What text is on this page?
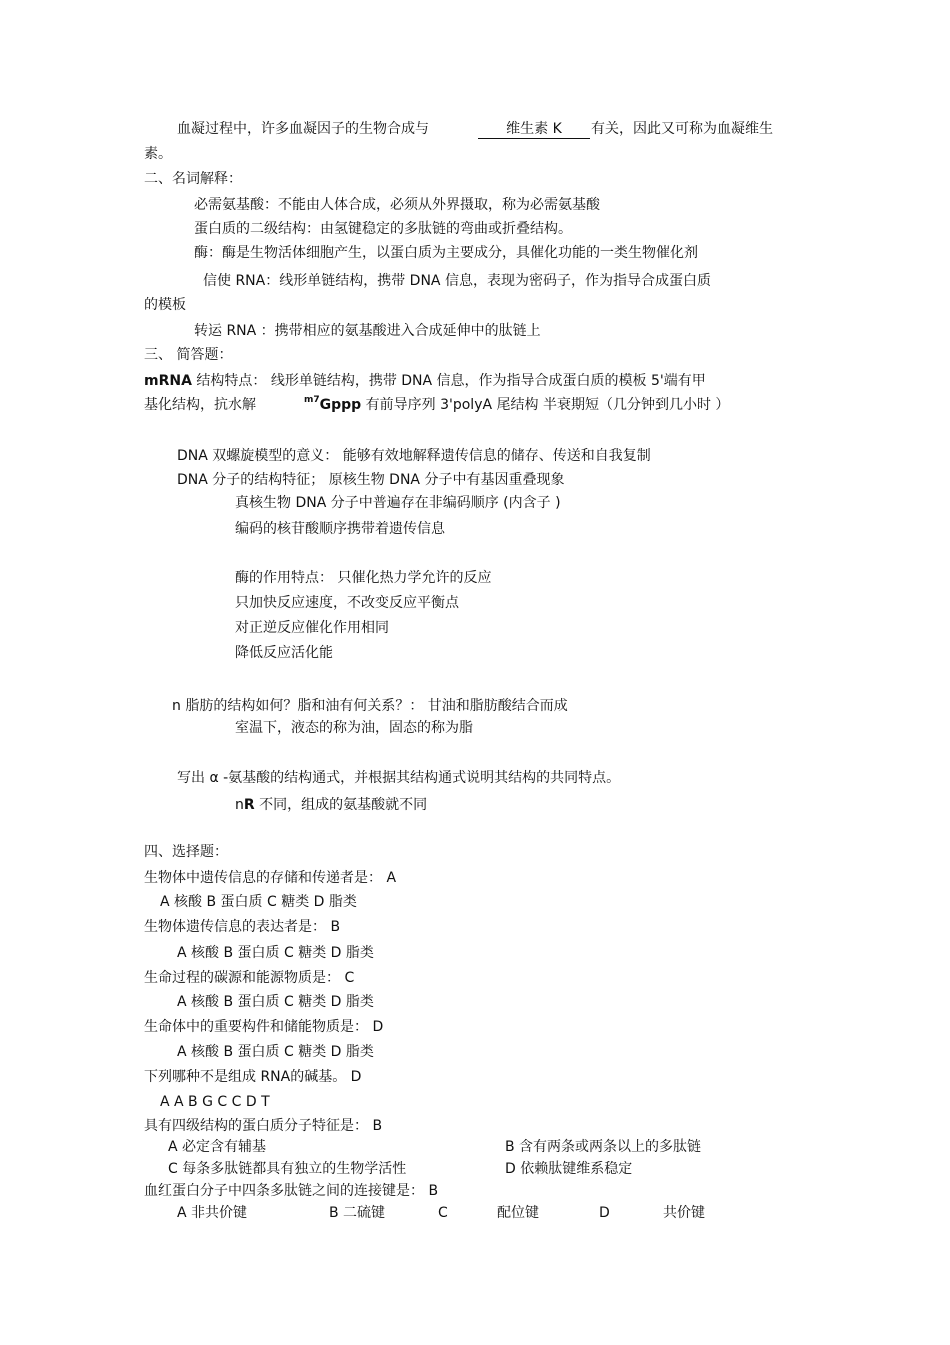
血凝过程中，许多血凝因子的生物合成与	维生素 K	有关，因此又可称为血凝维生
素。
二、名词解释：
必需氨基酸：不能由人体合成，必须从外界摄取，称为必需氨基酸
蛋白质的二级结构：由氢键稳定的多肽链的弯曲或折叠结构。
酶：酶是生物活体细胞产生，以蛋白质为主要成分，具催化功能的一类生物催化剂
信使 RNA：线形单链结构，携带 DNA 信息，表现为密码子，作为指导合成蛋白质
的模板
转运 RNA ：携带相应的氨基酸进入合成延伸中的肽链上
三、 简答题：
mRNA 结构特点： 线形单链结构，携带 DNA 信息，作为指导合成蛋白质的模板 5'端有甲
基化结构，抗水解	$^{m7}$Gppp 有前导序列 3'polyA 尾结构 半衰期短（几分钟到几小时 ）
DNA 双螺旋模型的意义： 能够有效地解释遗传信息的储存、传送和自我复制
DNA 分子的结构特征； 原核生物 DNA 分子中有基因重叠现象
真核生物 DNA 分子中普遍存在非编码顺序 (内含子 )
编码的核苷酸顺序携带着遗传信息
酶的作用特点： 只催化热力学允许的反应
只加快反应速度，不改变反应平衡点
对正逆反应催化作用相同
降低反应活化能
n 脂肪的结构如何？脂和油有何关系？： 甘油和脂肪酸结合而成
室温下，液态的称为油，固态的称为脂
写出 α -氨基酸的结构通式，并根据其结构通式说明其结构的共同特点。
nR 不同，组成的氨基酸就不同
四、选择题：
生物体中遗传信息的存储和传递者是： A
A 核酸 B 蛋白质 C 糖类 D 脂类
生物体遗传信息的表达者是： B
A 核酸 B 蛋白质 C 糖类 D 脂类
生命过程的碳源和能源物质是： C
A 核酸 B 蛋白质 C 糖类 D 脂类
生命体中的重要构件和储能物质是： D
A 核酸 B 蛋白质 C 糖类 D 脂类
下列哪种不是组成 RNA的碱基。 D
A A B G C C D T
具有四级结构的蛋白质分子特征是： B
A 必定含有辅基	B 含有两条或两条以上的多肽链
C 每条多肽链都具有独立的生物学活性	D 依赖肽键维系稳定
血红蛋白分子中四条多肽链之间的连接键是： B
A 非共价键	B 二硫键	C	配位键	D	共价键
